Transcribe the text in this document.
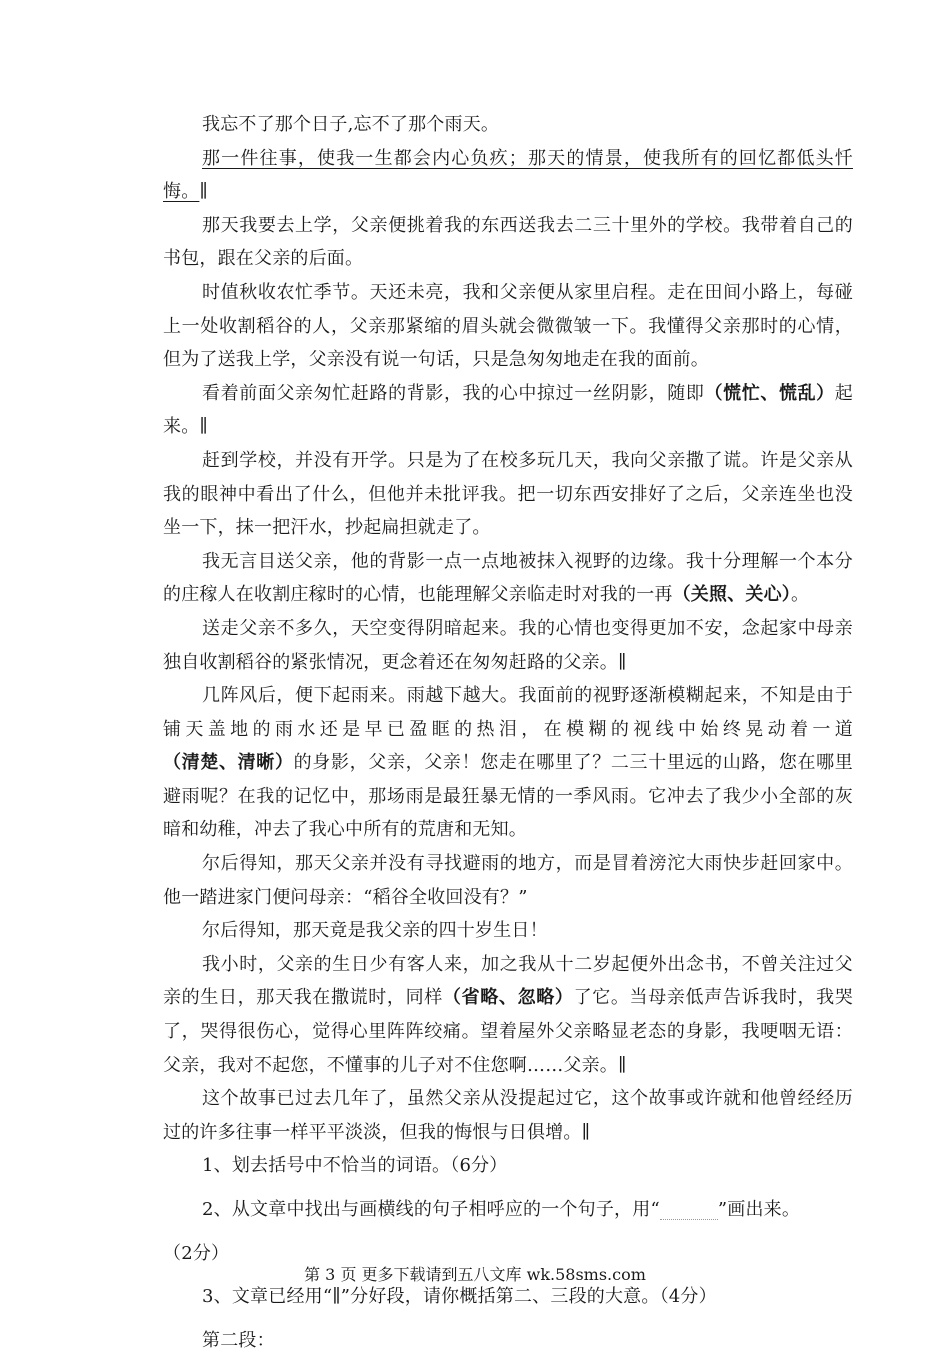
我忘不了那个日子,忘不了那个雨天。

那一件往事，使我一生都会内心负疚；那天的情景，使我所有的回忆都低头忏悔。∥

那天我要去上学，父亲便挑着我的东西送我去二三十里外的学校。我带着自己的书包，跟在父亲的后面。

时值秋收农忙季节。天还未亮，我和父亲便从家里启程。走在田间小路上，每碰上一处收割稻谷的人，父亲那紧缩的眉头就会微微皱一下。我懂得父亲那时的心情，但为了送我上学，父亲没有说一句话，只是急匆匆地走在我的面前。

看着前面父亲匆忙赶路的背影，我的心中掠过一丝阴影，随即（慌忙、慌乱）起来。∥

赶到学校，并没有开学。只是为了在校多玩几天，我向父亲撒了谎。许是父亲从我的眼神中看出了什么，但他并未批评我。把一切东西安排好了之后，父亲连坐也没坐一下，抹一把汗水，抄起扁担就走了。

我无言目送父亲，他的背影一点一点地被抹入视野的边缘。我十分理解一个本分的庄稼人在收割庄稼时的心情，也能理解父亲临走时对我的一再（关照、关心）。

送走父亲不多久，天空变得阴暗起来。我的心情也变得更加不安，念起家中母亲独自收割稻谷的紧张情况，更念着还在匆匆赶路的父亲。∥

几阵风后，便下起雨来。雨越下越大。我面前的视野逐渐模糊起来，不知是由于铺天盖地的雨水还是早已盈眶的热泪，在模糊的视线中始终晃动着一道（清楚、清晰）的身影，父亲，父亲！您走在哪里了？二三十里远的山路，您在哪里避雨呢？在我的记忆中，那场雨是最狂暴无情的一季风雨。它冲去了我少小全部的灰暗和幼稚，冲去了我心中所有的荒唐和无知。

尔后得知，那天父亲并没有寻找避雨的地方，而是冒着滂沱大雨快步赶回家中。他一踏进家门便问母亲：“稻谷全收回没有？”

尔后得知，那天竟是我父亲的四十岁生日！

我小时，父亲的生日少有客人来，加之我从十二岁起便外出念书，不曾关注过父亲的生日，那天我在撒谎时，同样（省略、忽略）了它。当母亲低声告诉我时，我哭了，哭得很伤心，觉得心里阵阵绞痛。望着屋外父亲略显老态的身影，我哽咽无语：父亲，我对不起您，不懂事的儿子对不住您啊……父亲。∥

这个故事已过去几年了，虽然父亲从没提起过它，这个故事或许就和他曾经经历过的许多往事一样平平淡淡，但我的悔恨与日俱增。∥

1、划去括号中不恰当的词语。（6分）

2、从文章中找出与画横线的句子相呼应的一个句子，用“	”画出来。

（2分）

3、文章已经用“∥”分好段，请你概括第二、三段的大意。（4分）

第二段：

第 3 页 更多下载请到五八文库 wk.58sms.com
